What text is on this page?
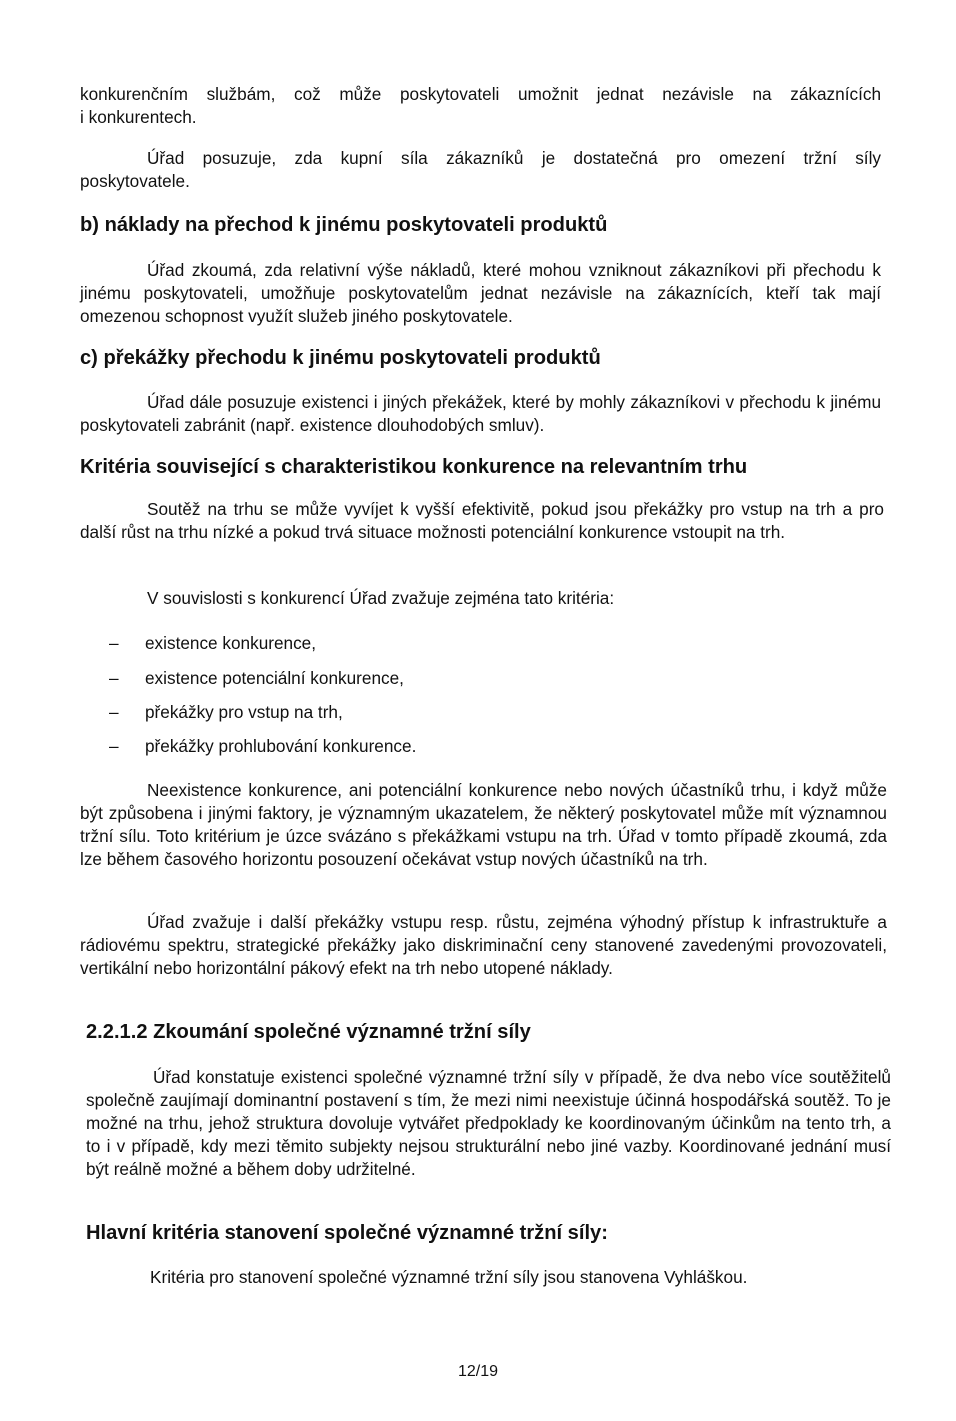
konkurenčním službám, což může poskytovateli umožnit jednat nezávisle na zákaznících
i konkurentech.
Úřad posuzuje, zda kupní síla zákazníků je dostatečná pro omezení tržní síly
poskytovatele.
b) náklady na přechod k jinému poskytovateli produktů

Úřad zkoumá, zda relativní výše nákladů, které mohou vzniknout zákazníkovi při přechodu k jinému poskytovateli, umožňuje poskytovatelům jednat nezávisle na zákaznících, kteří tak mají omezenou schopnost využít služeb jiného poskytovatele.

c) překážky přechodu k jinému poskytovateli produktů

Úřad dále posuzuje existenci i jiných překážek, které by mohly zákazníkovi v přechodu k jinému poskytovateli zabránit (např. existence dlouhodobých smluv).

Kritéria související s charakteristikou konkurence na relevantním trhu

Soutěž na trhu se může vyvíjet k vyšší efektivitě, pokud jsou překážky pro vstup na trh a pro další růst na trhu nízké a pokud trvá situace možnosti potenciální konkurence vstoupit na trh.

V souvislosti s konkurencí Úřad zvažuje zejména tato kritéria:
– existence konkurence,
– existence potenciální konkurence,
– překážky pro vstup na trh,
– překážky prohlubování konkurence.

Neexistence konkurence, ani potenciální konkurence nebo nových účastníků trhu, i když může být způsobena i jinými faktory, je významným ukazatelem, že některý poskytovatel může mít významnou tržní sílu. Toto kritérium je úzce svázáno s překážkami vstupu na trh. Úřad v tomto případě zkoumá, zda lze během časového horizontu posouzení očekávat vstup nových účastníků na trh.

Úřad zvažuje i další překážky vstupu resp. růstu, zejména výhodný přístup k infrastruktuře a rádiovému spektru, strategické překážky jako diskriminační ceny stanovené zavedenými provozovateli, vertikální nebo horizontální pákový efekt na trh nebo utopené náklady.

2.2.1.2 Zkoumání společné významné tržní síly

Úřad konstatuje existenci společné významné tržní síly v případě, že dva nebo více soutěžitelů společně zaujímají dominantní postavení s tím, že mezi nimi neexistuje účinná hospodářská soutěž. To je možné na trhu, jehož struktura dovoluje vytvářet předpoklady ke koordinovaným účinkům na tento trh, a to i v případě, kdy mezi těmito subjekty nejsou strukturální nebo jiné vazby. Koordinované jednání musí být reálně možné a během doby udržitelné.

Hlavní kritéria stanovení společné významné tržní síly:
Kritéria pro stanovení společné významné tržní síly jsou stanovena Vyhláškou.
12/19
